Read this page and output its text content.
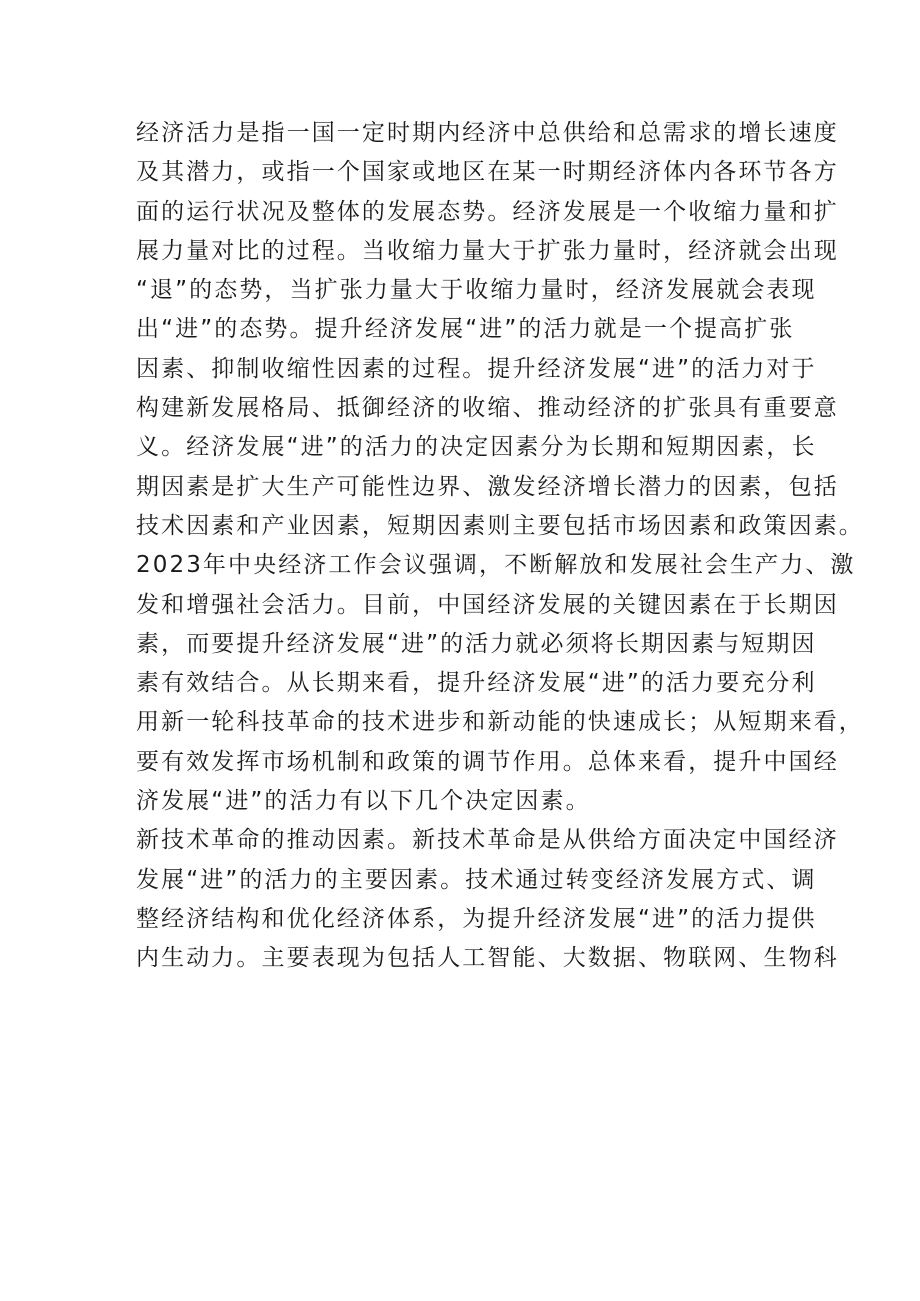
经济活力是指一国一定时期内经济中总供给和总需求的增长速度
及其潜力，或指一个国家或地区在某一时期经济体内各环节各方
面的运行状况及整体的发展态势。经济发展是一个收缩力量和扩
展力量对比的过程。当收缩力量大于扩张力量时，经济就会出现
“退”的态势，当扩张力量大于收缩力量时，经济发展就会表现
出“进”的态势。提升经济发展“进”的活力就是一个提高扩张
因素、抑制收缩性因素的过程。提升经济发展“进”的活力对于
构建新发展格局、抵御经济的收缩、推动经济的扩张具有重要意
义。经济发展“进”的活力的决定因素分为长期和短期因素，长
期因素是扩大生产可能性边界、激发经济增长潜力的因素，包括
技术因素和产业因素，短期因素则主要包括市场因素和政策因素。
2023年中央经济工作会议强调，不断解放和发展社会生产力、激
发和增强社会活力。目前，中国经济发展的关键因素在于长期因
素，而要提升经济发展“进”的活力就必须将长期因素与短期因
素有效结合。从长期来看，提升经济发展“进”的活力要充分利
用新一轮科技革命的技术进步和新动能的快速成长；从短期来看，
要有效发挥市场机制和政策的调节作用。总体来看，提升中国经
济发展“进”的活力有以下几个决定因素。
新技术革命的推动因素。新技术革命是从供给方面决定中国经济
发展“进”的活力的主要因素。技术通过转变经济发展方式、调
整经济结构和优化经济体系，为提升经济发展“进”的活力提供
内生动力。主要表现为包括人工智能、大数据、物联网、生物科
